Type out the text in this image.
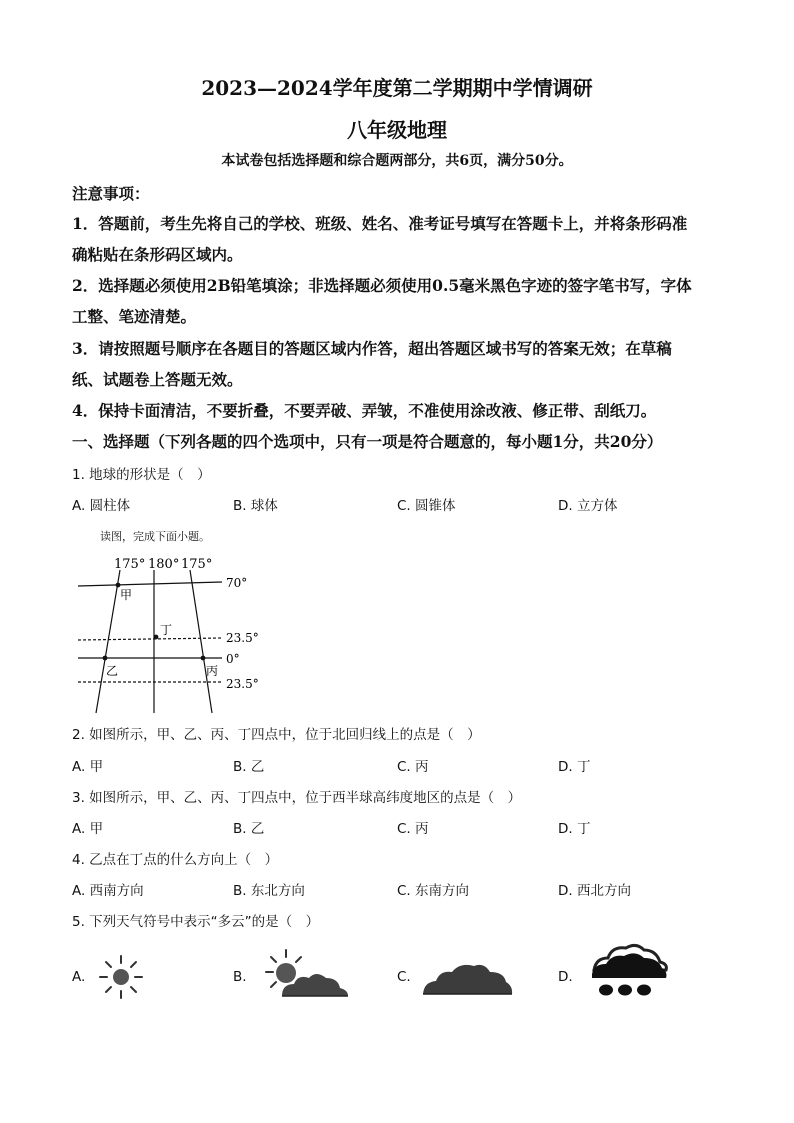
2023—2024学年度第二学期期中学情调研
八年级地理
本试卷包括选择题和综合题两部分，共6页，满分50分。
注意事项：
1．答题前，考生先将自己的学校、班级、姓名、准考证号填写在答题卡上，并将条形码准
确粘贴在条形码区域内。
2．选择题必须使用2B铅笔填涂；非选择题必须使用0.5毫米黑色字迹的签字笔书写，字体
工整、笔迹清楚。
3．请按照题号顺序在各题目的答题区域内作答，超出答题区域书写的答案无效；在草稿
纸、试题卷上答题无效。
4．保持卡面清洁，不要折叠，不要弄破、弄皱，不准使用涂改液、修正带、刮纸刀。
一、选择题（下列各题的四个选项中，只有一项是符合题意的，每小题1分，共20分）
1. 地球的形状是（　）
A. 圆柱体	B. 球体	C. 圆锥体	D. 立方体
读图，完成下面小题。
175° 180° 175°
70°
23.5°
0°
23.5°
甲
丁
乙	丙
2. 如图所示，甲、乙、丙、丁四点中，位于北回归线上的点是（　）
A. 甲	B. 乙	C. 丙	D. 丁
3. 如图所示，甲、乙、丙、丁四点中，位于西半球高纬度地区的点是（　）
A. 甲	B. 乙	C. 丙	D. 丁
4. 乙点在丁点的什么方向上（　）
A. 西南方向	B. 东北方向	C. 东南方向	D. 西北方向
5. 下列天气符号中表示“多云”的是（　）
A.	B.	C.	D.
